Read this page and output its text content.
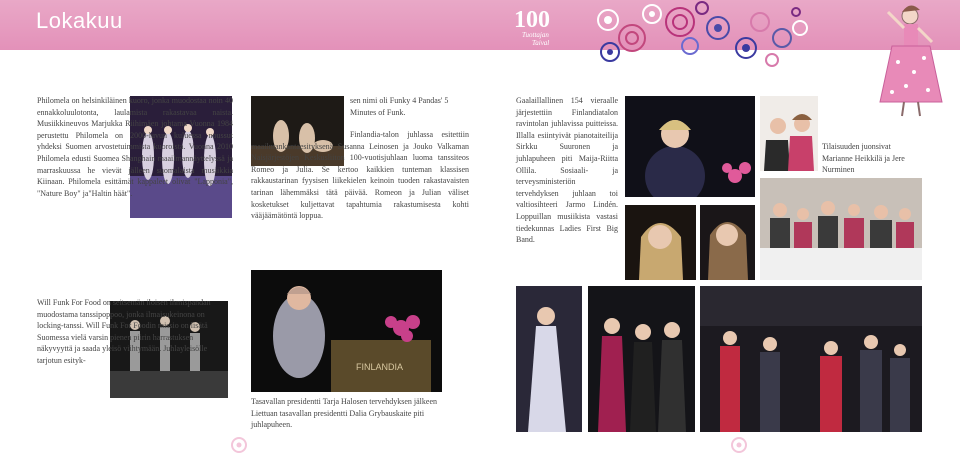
Lokakuu	100
Tuottajan
Taival
Philomela on helsinkiläinen kuoro, jonka muodostaa noin 40 ennakkoluulotonta, laulamista rakastavaa naista. Musiikkineuvos Marjukka Riihimäen johtama Vuonna 1984 perustettu Philomela on 2000-luvun kuluessa noussut yhdeksi Suomen arvostetuimmista kuoroista. Vuonna 2010 Philomela edusti Suomea Shanghain maailmannäyttelyssä ja marraskuussa he vievät jälleen suomalaista musiikkia Kiinaan. Philomela esittämät kappaleet olivat "Lapponia", "Nature Boy" ja"Haltin häät".
Will Funk For Food on seitsemän iloisen ihmispandan muodostama tanssipoppoo, jonka ilmaisukeinona on locking-tanssi. Will Funk For Foodin missio on lisätä Suomessa vielä varsin pienen piirin harrastuksen näkyvyyttä ja saada yleisö viihtymään. Juhlayleisölle tarjotun esityk-
sen nimi oli Funky 4 Pandas' 5 Minutes of Funk.
Finlandia-talon juhlassa esitettiin maailmankantaesityksenä Susanna Leinosen ja Jouko Valkaman Naisjärjestöjen Keskusliiton 100-vuotisjuhlaan luoma tanssiteos Romeo ja Julia. Se kertoo kaikkien tunteman klassisen rakkaustarinan fyysisen liikekielen keinoin tuoden rakastavaisten tarinan lähemmäksi tätä päivää. Romeon ja Julian väliset kosketukset kuljettavat tapahtumia rakastumisesta kohti vääjäämätöntä loppua.
FINLANDIA
Tasavallan presidentti Tarja Halosen tervehdyksen jälkeen Liettuan tasavallan presidentti Dalia Grybauskaite piti juhlapuheen.
Gaalaillallinen 154 vieraalle järjestettiin Finlandiatalon ravintolan juhlavissa puitteissa. Illalla esiintyivät pianotaiteilija Sirkku Suuronen ja juhlapuheen piti Maija-Riitta Ollila. Sosiaali- ja terveysministeriön tervehdyksen juhlaan toi valtiosihteeri Jarmo Lindén. Loppuillan musiikista vastasi tiedekunnas Ladies First Big Band.
Tilaisuuden juonsivat Marianne Heikkilä ja Jere Nurminen
